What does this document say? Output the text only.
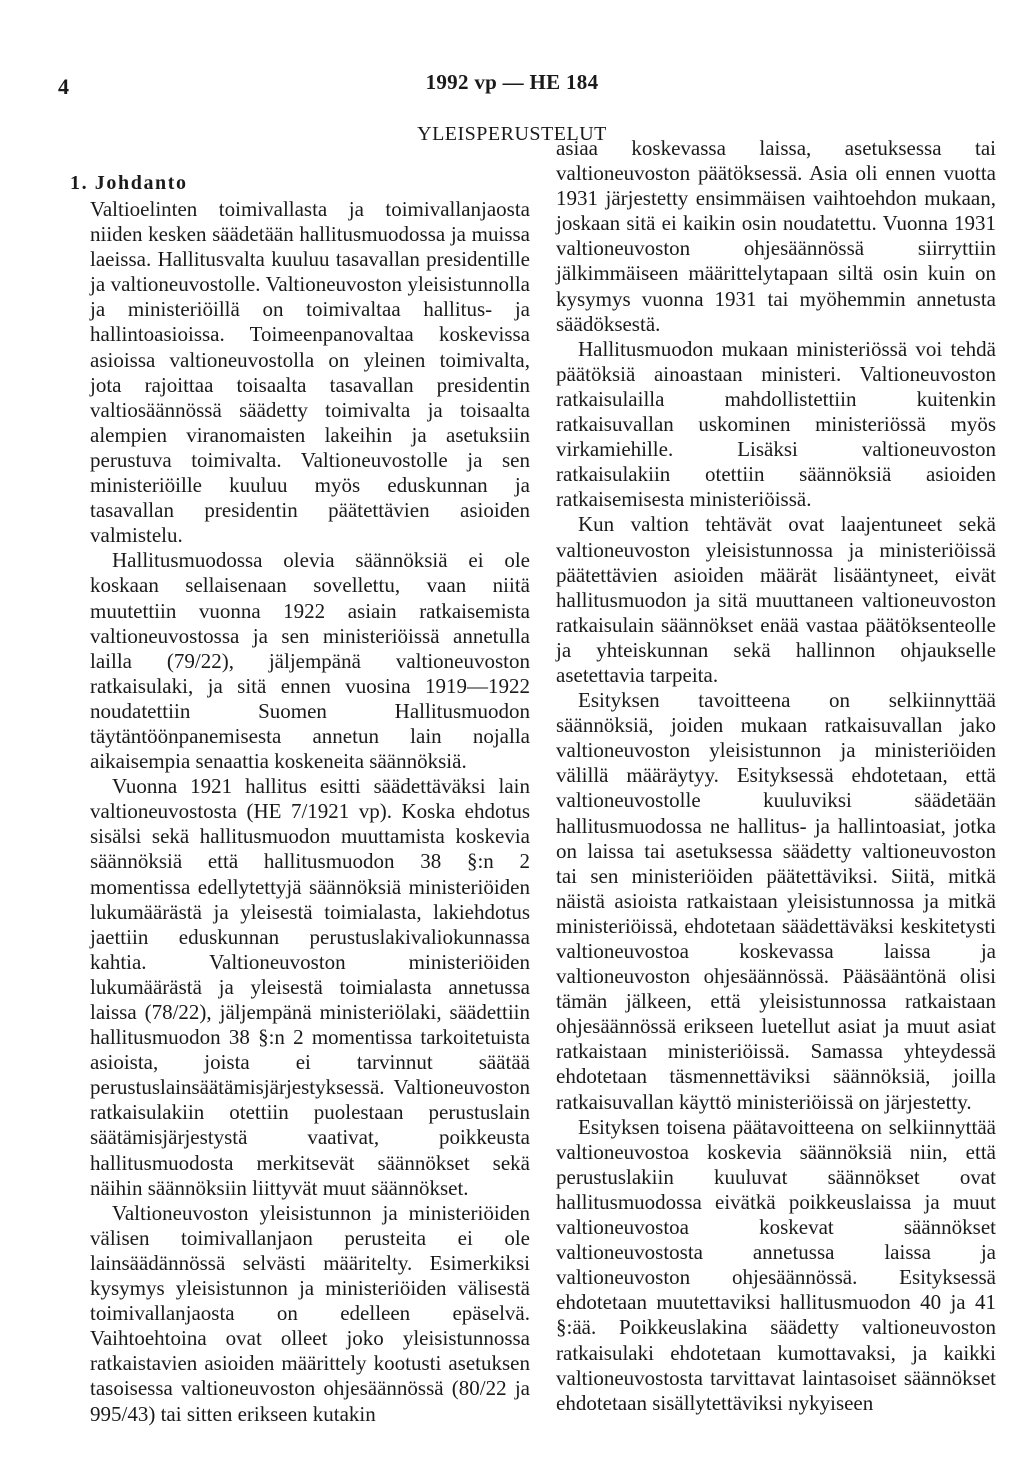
4	1992 vp — HE 184
YLEISPERUSTELUT
1. Johdanto

Valtioelinten toimivallasta ja toimivallanjaosta niiden kesken säädetään hallitusmuodossa ja muissa laeissa. Hallitusvalta kuuluu tasavallan presidentille ja valtioneuvostolle. Valtioneuvoston yleisistunnolla ja ministeriöillä on toimivaltaa hallitus- ja hallintoasioissa. Toimeenpanovaltaa koskevissa asioissa valtioneuvostolla on yleinen toimivalta, jota rajoittaa toisaalta tasavallan presidentin valtiosäännössä säädetty toimivalta ja toisaalta alempien viranomaisten lakeihin ja asetuksiin perustuva toimivalta. Valtioneuvostolle ja sen ministeriöille kuuluu myös eduskunnan ja tasavallan presidentin päätettävien asioiden valmistelu.

Hallitusmuodossa olevia säännöksiä ei ole koskaan sellaisenaan sovellettu, vaan niitä muutettiin vuonna 1922 asiain ratkaisemista valtioneuvostossa ja sen ministeriöissä annetulla lailla (79/22), jäljempänä valtioneuvoston ratkaisulaki, ja sitä ennen vuosina 1919—1922 noudatettiin Suomen Hallitusmuodon täytäntöönpanemisesta annetun lain nojalla aikaisempia senaattia koskeneita säännöksiä.

Vuonna 1921 hallitus esitti säädettäväksi lain valtioneuvostosta (HE 7/1921 vp). Koska ehdotus sisälsi sekä hallitusmuodon muuttamista koskevia säännöksiä että hallitusmuodon 38 §:n 2 momentissa edellytettyjä säännöksiä ministeriöiden lukumäärästä ja yleisestä toimialasta, lakiehdotus jaettiin eduskunnan perustuslakivaliokunnassa kahtia. Valtioneuvoston ministeriöiden lukumäärästä ja yleisestä toimialasta annetussa laissa (78/22), jäljempänä ministeriölaki, säädettiin hallitusmuodon 38 §:n 2 momentissa tarkoitetuista asioista, joista ei tarvinnut säätää perustuslainsäätämisjärjestyksessä. Valtioneuvoston ratkaisulakiin otettiin puolestaan perustuslain säätämisjärjestystä vaativat, poikkeusta hallitusmuodosta merkitsevät säännökset sekä näihin säännöksiin liittyvät muut säännökset.

Valtioneuvoston yleisistunnon ja ministeriöiden välisen toimivallanjaon perusteita ei ole lainsäädännössä selvästi määritelty. Esimerkiksi kysymys yleisistunnon ja ministeriöiden välisestä toimivallanjaosta on edelleen epäselvä. Vaihtoehtoina ovat olleet joko yleisistunnossa ratkaistavien asioiden määrittely kootusti asetuksen tasoisessa valtioneuvoston ohjesäännössä (80/22 ja 995/43) tai sitten erikseen kutakin

asiaa koskevassa laissa, asetuksessa tai valtioneuvoston päätöksessä. Asia oli ennen vuotta 1931 järjestetty ensimmäisen vaihtoehdon mukaan, joskaan sitä ei kaikin osin noudatettu. Vuonna 1931 valtioneuvoston ohjesäännössä siirryttiin jälkimmäiseen määrittelytapaan siltä osin kuin on kysymys vuonna 1931 tai myöhemmin annetusta säädöksestä.

Hallitusmuodon mukaan ministeriössä voi tehdä päätöksiä ainoastaan ministeri. Valtioneuvoston ratkaisulailla mahdollistettiin kuitenkin ratkaisuvallan uskominen ministeriössä myös virkamiehille. Lisäksi valtioneuvoston ratkaisulakiin otettiin säännöksiä asioiden ratkaisemisesta ministeriöissä.

Kun valtion tehtävät ovat laajentuneet sekä valtioneuvoston yleisistunnossa ja ministeriöissä päätettävien asioiden määrät lisääntyneet, eivät hallitusmuodon ja sitä muuttaneen valtioneuvoston ratkaisulain säännökset enää vastaa päätöksenteolle ja yhteiskunnan sekä hallinnon ohjaukselle asetettavia tarpeita.

Esityksen tavoitteena on selkiinnyttää säännöksiä, joiden mukaan ratkaisuvallan jako valtioneuvoston yleisistunnon ja ministeriöiden välillä määräytyy. Esityksessä ehdotetaan, että valtioneuvostolle kuuluviksi säädetään hallitusmuodossa ne hallitus- ja hallintoasiat, jotka on laissa tai asetuksessa säädetty valtioneuvoston tai sen ministeriöiden päätettäviksi. Siitä, mitkä näistä asioista ratkaistaan yleisistunnossa ja mitkä ministeriöissä, ehdotetaan säädettäväksi keskitetysti valtioneuvostoa koskevassa laissa ja valtioneuvoston ohjesäännössä. Pääsääntönä olisi tämän jälkeen, että yleisistunnossa ratkaistaan ohjesäännössä erikseen luetellut asiat ja muut asiat ratkaistaan ministeriöissä. Samassa yhteydessä ehdotetaan täsmennettäviksi säännöksiä, joilla ratkaisuvallan käyttö ministeriöissä on järjestetty.

Esityksen toisena päätavoitteena on selkiinnyttää valtioneuvostoa koskevia säännöksiä niin, että perustuslakiin kuuluvat säännökset ovat hallitusmuodossa eivätkä poikkeuslaissa ja muut valtioneuvostoa koskevat säännökset valtioneuvostosta annetussa laissa ja valtioneuvoston ohjesäännössä. Esityksessä ehdotetaan muutettaviksi hallitusmuodon 40 ja 41 §:ää. Poikkeuslakina säädetty valtioneuvoston ratkaisulaki ehdotetaan kumottavaksi, ja kaikki valtioneuvostosta tarvittavat laintasoiset säännökset ehdotetaan sisällytettäviksi nykyiseen
